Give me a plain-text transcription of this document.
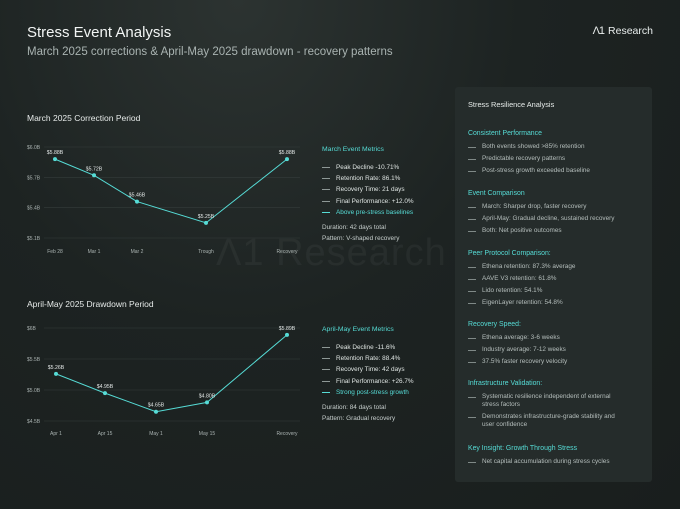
Stress Event Analysis
March 2025 corrections & April-May 2025 drawdown - recovery patterns
Λ1 Research
March 2025 Correction Period
$5.1B
$5.4B
$5.7B
$6.0B
Feb 28	Mar 1	Mar 2	Trough	Recovery
$5.88B
$5.72B
$5.46B
$5.25B
$5.88B
April-May 2025 Drawdown Period
$4.5B
$5.0B
$5.5B
$6B
Apr 1	Apr 15	May 1	May 15	Recovery
$5.26B
$4.95B
$4.65B
$4.80B
$5.89B
March Event Metrics
Peak Decline -10.71%
Retention Rate: 86.1%
Recovery Time: 21 days
Final Performance: +12.0%
Above pre-stress baselines
Duration: 42 days total
Pattern: V-shaped recovery
April-May Event Metrics
Peak Decline -11.6%
Retention Rate: 88.4%
Recovery Time: 42 days
Final Performance: +26.7%
Strong post-stress growth
Duration: 84 days total
Pattern: Gradual recovery
Stress Resilience Analysis
Consistent Performance
Both events showed >85% retention
Predictable recovery patterns
Post-stress growth exceeded baseline
Event Comparison
March: Sharper drop, faster recovery
April-May: Gradual decline, sustained recovery
Both: Net positive outcomes
Peer Protocol Comparison:
Ethena retention: 87.3% average
AAVE V3 retention: 61.8%
Lido retention: 54.1%
EigenLayer retention: 54.8%
Recovery Speed:
Ethena average: 3-6 weeks
Industry average: 7-12 weeks
37.5% faster recovery velocity
Infrastructure Validation:
Systematic resilience independent of external stress factors
Demonstrates infrastructure-grade stability and user confidence
Key Insight: Growth Through Stress
Net capital accumulation during stress cycles
